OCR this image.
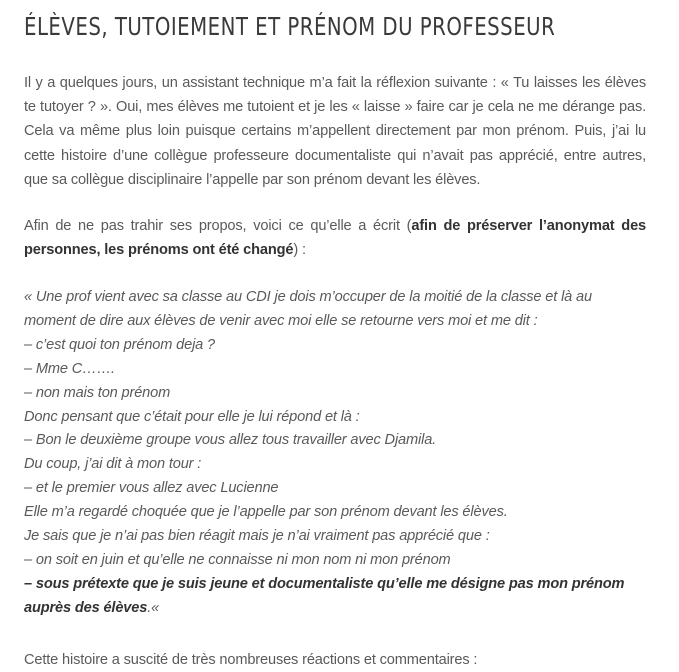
ÉLÈVES, TUTOIEMENT ET PRÉNOM DU PROFESSEUR

Il y a quelques jours, un assistant technique m’a fait la réflexion suivante : « Tu laisses les élèves te tutoyer ? ». Oui, mes élèves me tutoient et je les « laisse » faire car je cela ne me dérange pas. Cela va même plus loin puisque certains m’appellent directement par mon prénom. Puis, j’ai lu cette histoire d’une collègue professeure documentaliste qui n’avait pas apprécié, entre autres, que sa collègue disciplinaire l’appelle par son prénom devant les élèves.

Afin de ne pas trahir ses propos, voici ce qu’elle a écrit (afin de préserver l’anonymat des personnes, les prénoms ont été changé) :

« Une prof vient avec sa classe au CDI je dois m’occuper de la moitié de la classe et là au moment de dire aux élèves de venir avec moi elle se retourne vers moi et me dit :
– c’est quoi ton prénom deja ?
– Mme C…….
– non mais ton prénom
Donc pensant que c’était pour elle je lui répond et là :
– Bon le deuxième groupe vous allez tous travailler avec Djamila.
Du coup, j’ai dit à mon tour :
– et le premier vous allez avec Lucienne
Elle m’a regardé choquée que je l’appelle par son prénom devant les élèves.
Je sais que je n’ai pas bien réagit mais je n’ai vraiment pas apprécié que :
– on soit en juin et qu’elle ne connaisse ni mon nom ni mon prénom
– sous prétexte que je suis jeune et documentaliste qu’elle me désigne pas mon prénom auprès des élèves.«

Cette histoire a suscité de très nombreuses réactions et commentaires :
